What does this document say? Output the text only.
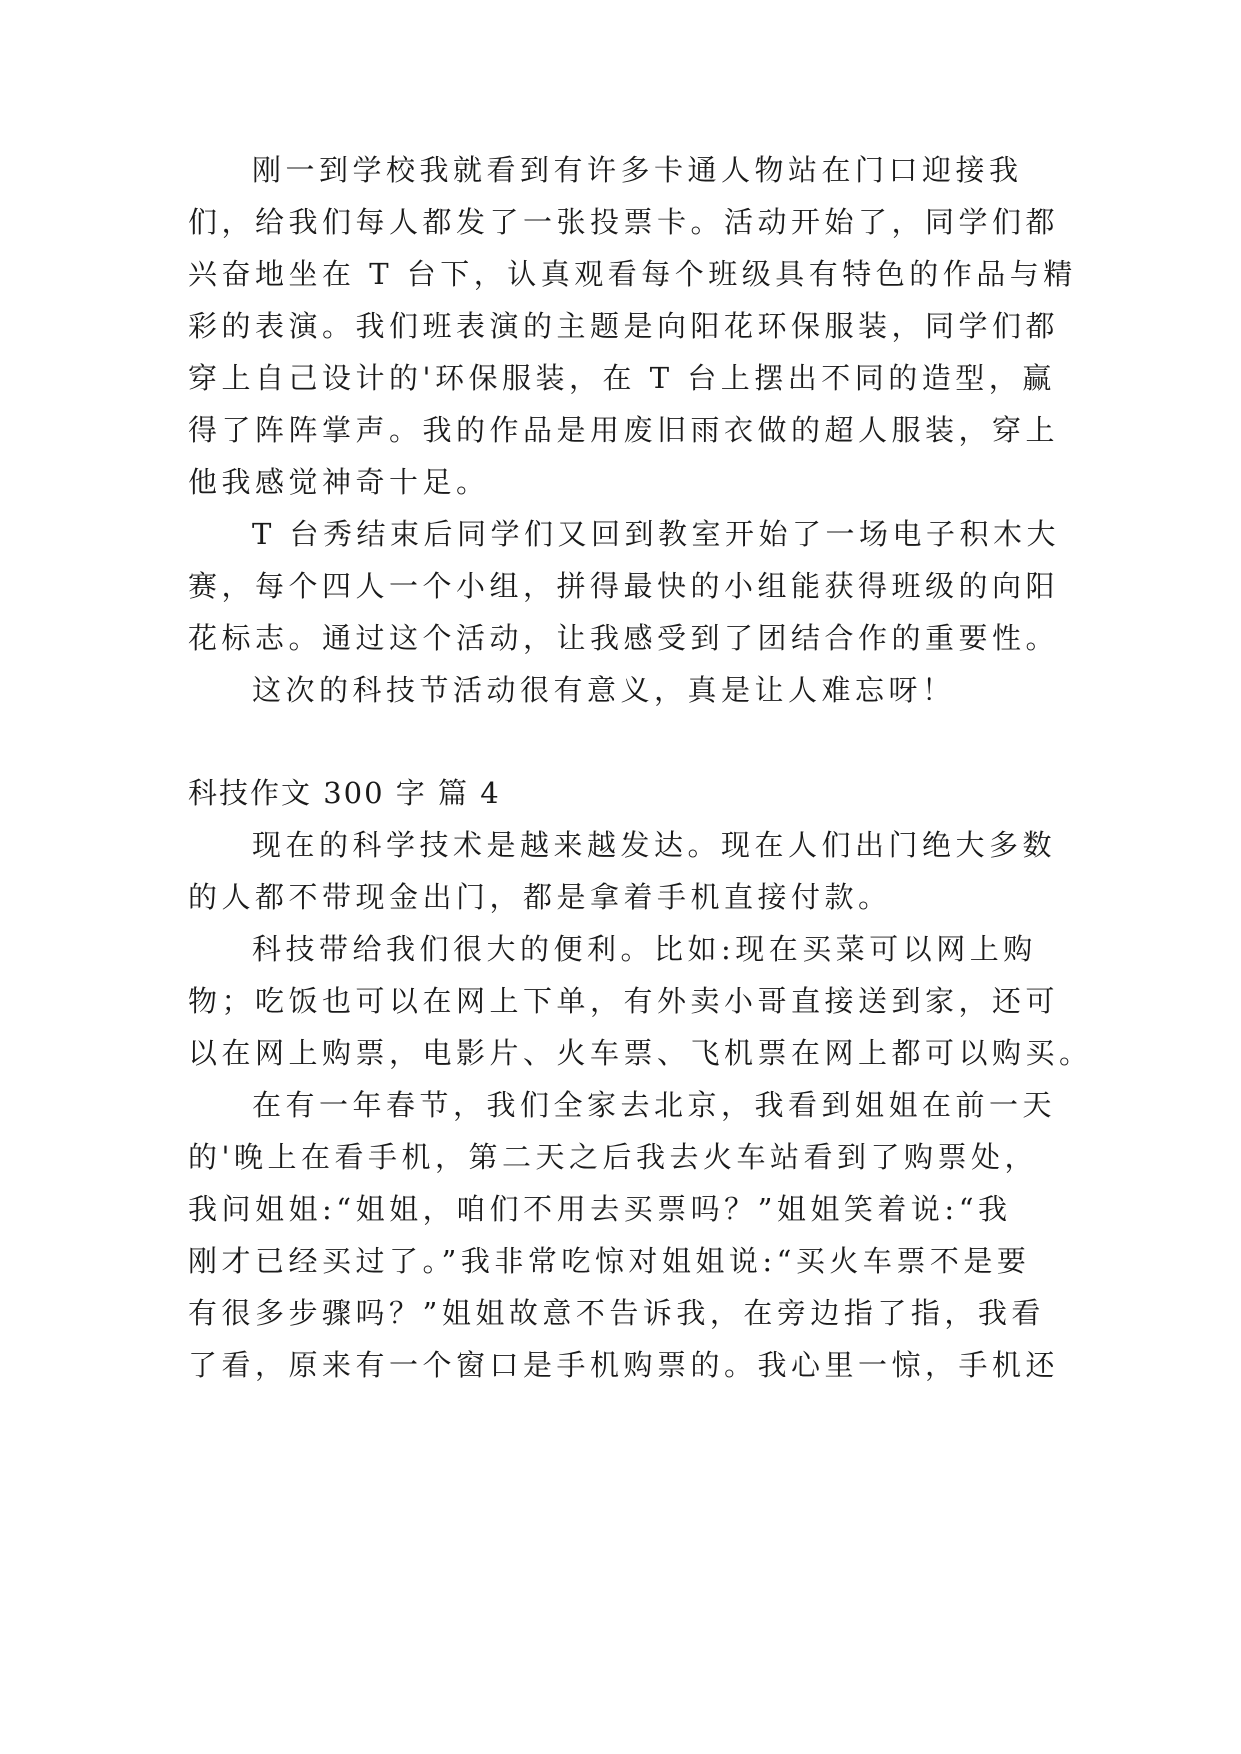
刚一到学校我就看到有许多卡通人物站在门口迎接我
们，给我们每人都发了一张投票卡。活动开始了，同学们都
兴奋地坐在 T 台下，认真观看每个班级具有特色的作品与精
彩的表演。我们班表演的主题是向阳花环保服装，同学们都
穿上自己设计的'环保服装，在 T 台上摆出不同的造型，赢
得了阵阵掌声。我的作品是用废旧雨衣做的超人服装，穿上
他我感觉神奇十足。
T 台秀结束后同学们又回到教室开始了一场电子积木大
赛，每个四人一个小组，拼得最快的小组能获得班级的向阳
花标志。通过这个活动，让我感受到了团结合作的重要性。
这次的科技节活动很有意义，真是让人难忘呀！
科技作文 300 字 篇 4
现在的科学技术是越来越发达。现在人们出门绝大多数
的人都不带现金出门，都是拿着手机直接付款。
科技带给我们很大的便利。比如:现在买菜可以网上购
物；吃饭也可以在网上下单，有外卖小哥直接送到家，还可
以在网上购票，电影片、火车票、飞机票在网上都可以购买。
在有一年春节，我们全家去北京，我看到姐姐在前一天
的'晚上在看手机，第二天之后我去火车站看到了购票处，
我问姐姐:“姐姐，咱们不用去买票吗？”姐姐笑着说:“我
刚才已经买过了。”我非常吃惊对姐姐说:“买火车票不是要
有很多步骤吗？”姐姐故意不告诉我，在旁边指了指，我看
了看，原来有一个窗口是手机购票的。我心里一惊，手机还
